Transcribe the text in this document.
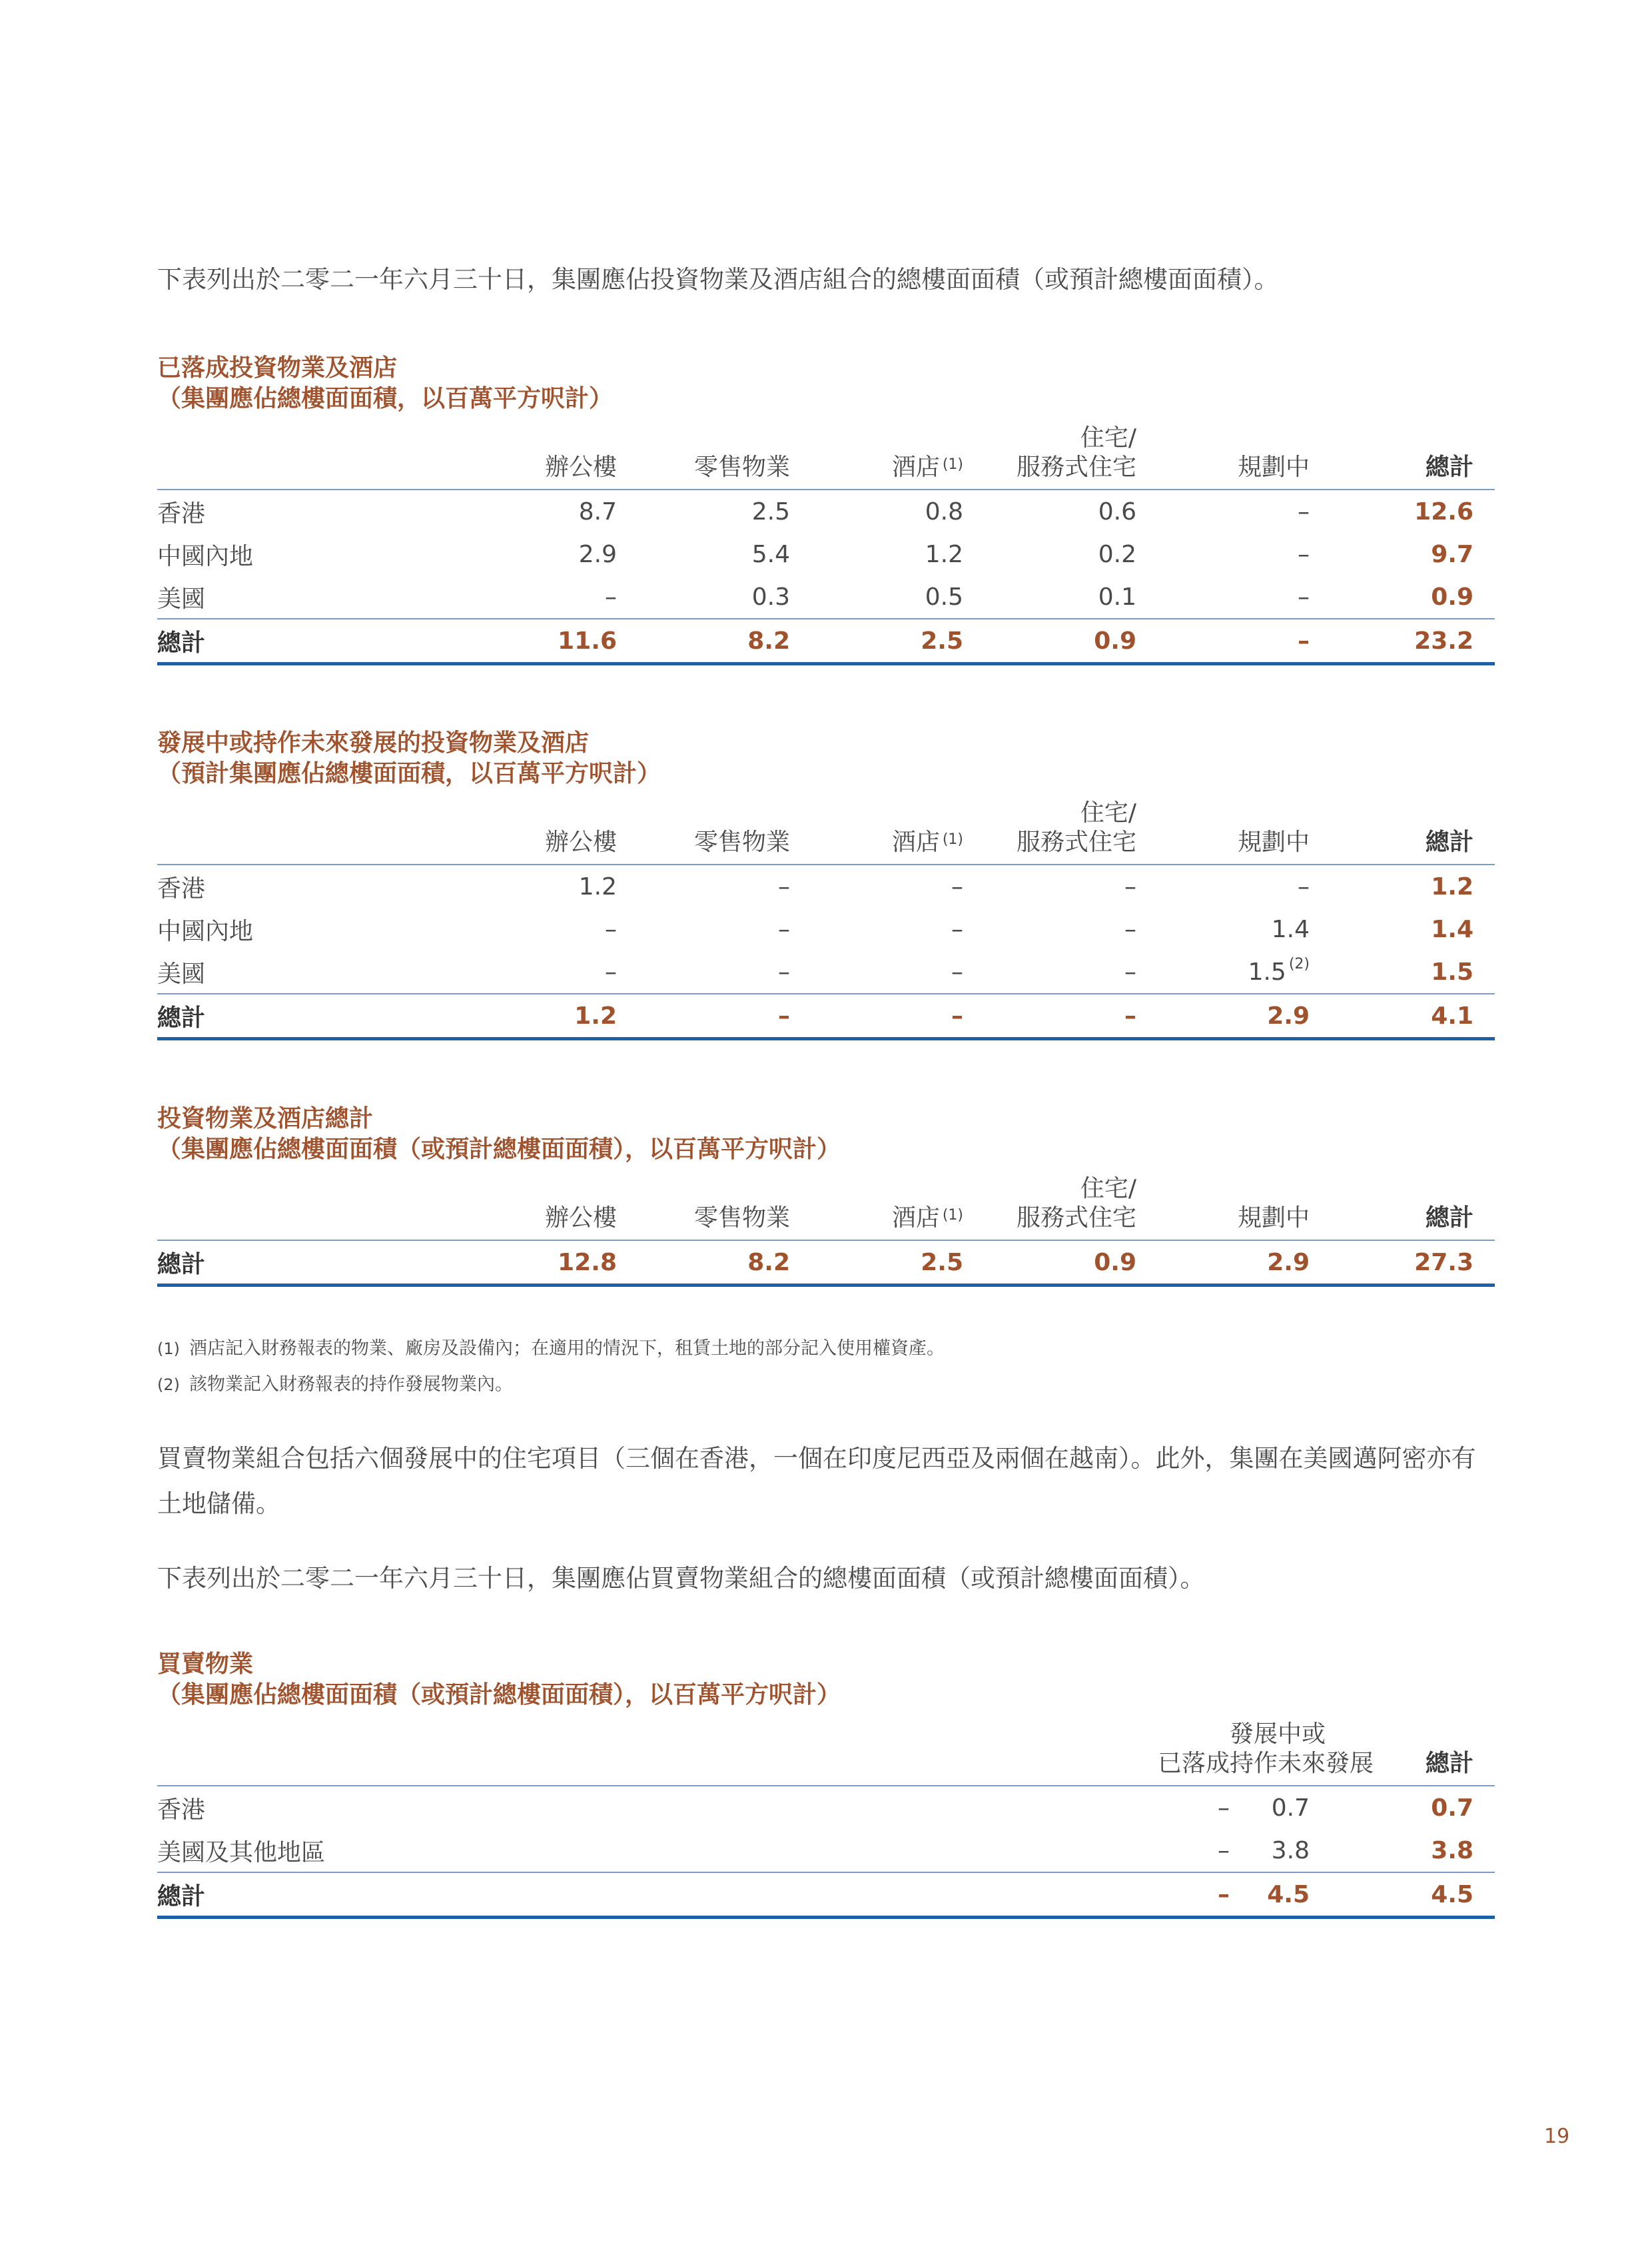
下表列出於二零二一年六月三十日，集團應佔投資物業及酒店組合的總樓面面積（或預計總樓面面積）。

已落成投資物業及酒店
（集團應佔總樓面面積，以百萬平方呎計）
	辦公樓	零售物業	酒店 $^{(1)}$	住宅/
服務式住宅	規劃中	總計
香港	8.7	2.5	0.8	0.6	–	12.6
中國內地	2.9	5.4	1.2	0.2	–	9.7
美國	–	0.3	0.5	0.1	–	0.9
總計	11.6	8.2	2.5	0.9	–	23.2
發展中或持作未來發展的投資物業及酒店
（預計集團應佔總樓面面積，以百萬平方呎計）
	辦公樓	零售物業	酒店 $^{(1)}$	住宅/
服務式住宅	規劃中	總計
香港	1.2	–	–	–	–	1.2
中國內地	–	–	–	–	1.4	1.4
美國	–	–	–	–	1.5 $^{(2)}$	1.5
總計	1.2	–	–	–	2.9	4.1
投資物業及酒店總計
（集團應佔總樓面面積（或預計總樓面面積），以百萬平方呎計）
	辦公樓	零售物業	酒店 $^{(1)}$	住宅/
服務式住宅	規劃中	總計
總計	12.8	8.2	2.5	0.9	2.9	27.3
(1) 酒店記入財務報表的物業、廠房及設備內；在適用的情況下，租賃土地的部分記入使用權資產。
(2) 該物業記入財務報表的持作發展物業內。

買賣物業組合包括六個發展中的住宅項目（三個在香港，一個在印度尼西亞及兩個在越南）。此外，集團在美國邁阿密亦有土地儲備。

下表列出於二零二一年六月三十日，集團應佔買賣物業組合的總樓面面積（或預計總樓面面積）。

買賣物業
（集團應佔總樓面面積（或預計總樓面面積），以百萬平方呎計）
	已落成	發展中或
持作未來發展	總計
香港	–	0.7	0.7
美國及其他地區	–	3.8	3.8
總計	–	4.5	4.5
19
